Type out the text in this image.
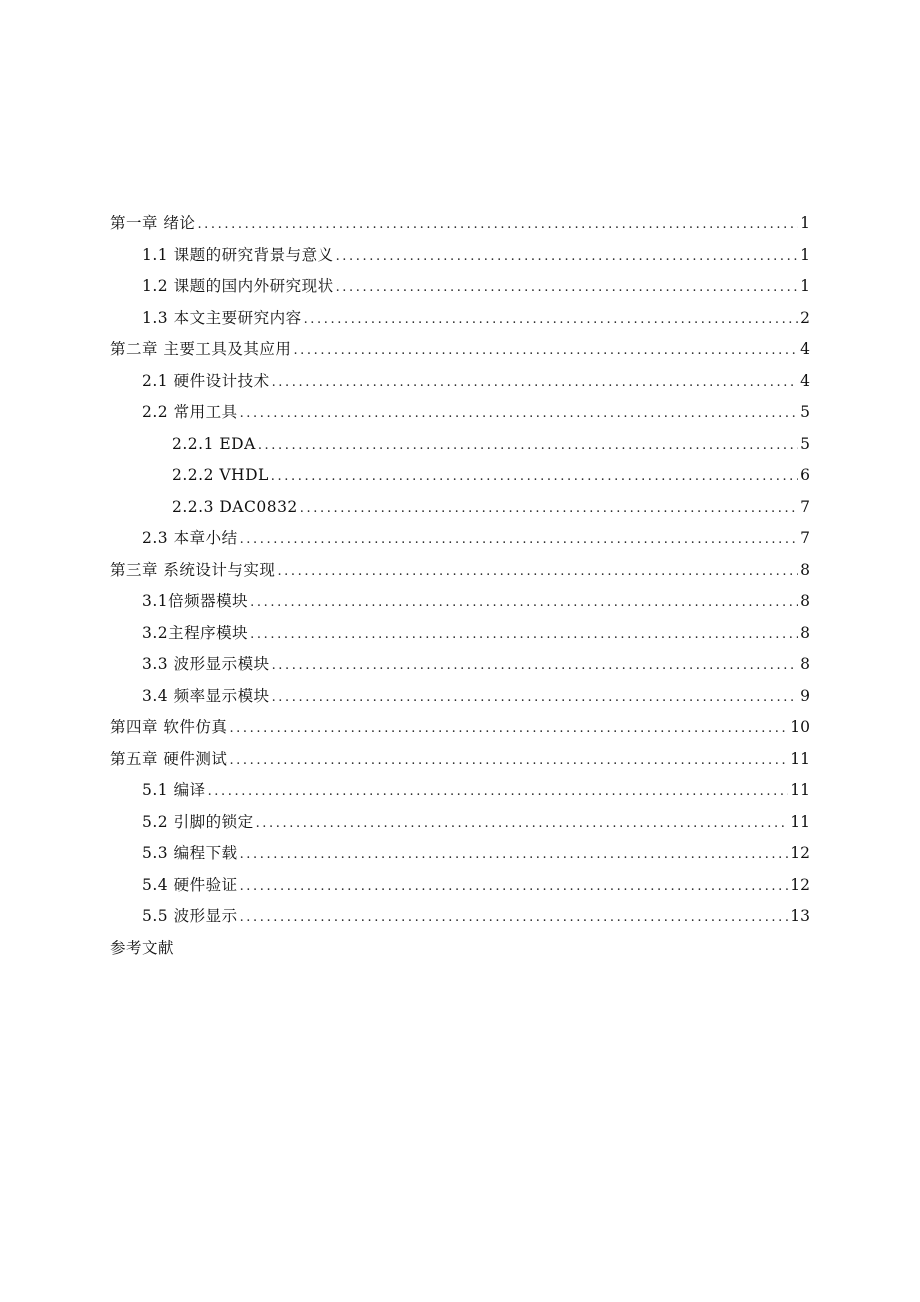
第一章 绪论 .....	1
1.1 课题的研究背景与意义 .....	1
1.2 课题的国内外研究现状 .....	1
1.3 本文主要研究内容 .....	2
第二章 主要工具及其应用 .....	4
2.1 硬件设计技术 .....	4
2.2 常用工具 .....	5
2.2.1 EDA .....	5
2.2.2 VHDL .....	6
2.2.3 DAC0832 .....	7
2.3 本章小结 .....	7
第三章 系统设计与实现 .....	8
3.1倍频器模块 .....	8
3.2主程序模块 .....	8
3.3 波形显示模块 .....	8
3.4 频率显示模块 .....	9
第四章 软件仿真 .....	10
第五章 硬件测试 .....	11
5.1 编译 .....	11
5.2 引脚的锁定 .....	11
5.3 编程下载 .....	12
5.4 硬件验证 .....	12
5.5 波形显示 .....	13
参考文献
